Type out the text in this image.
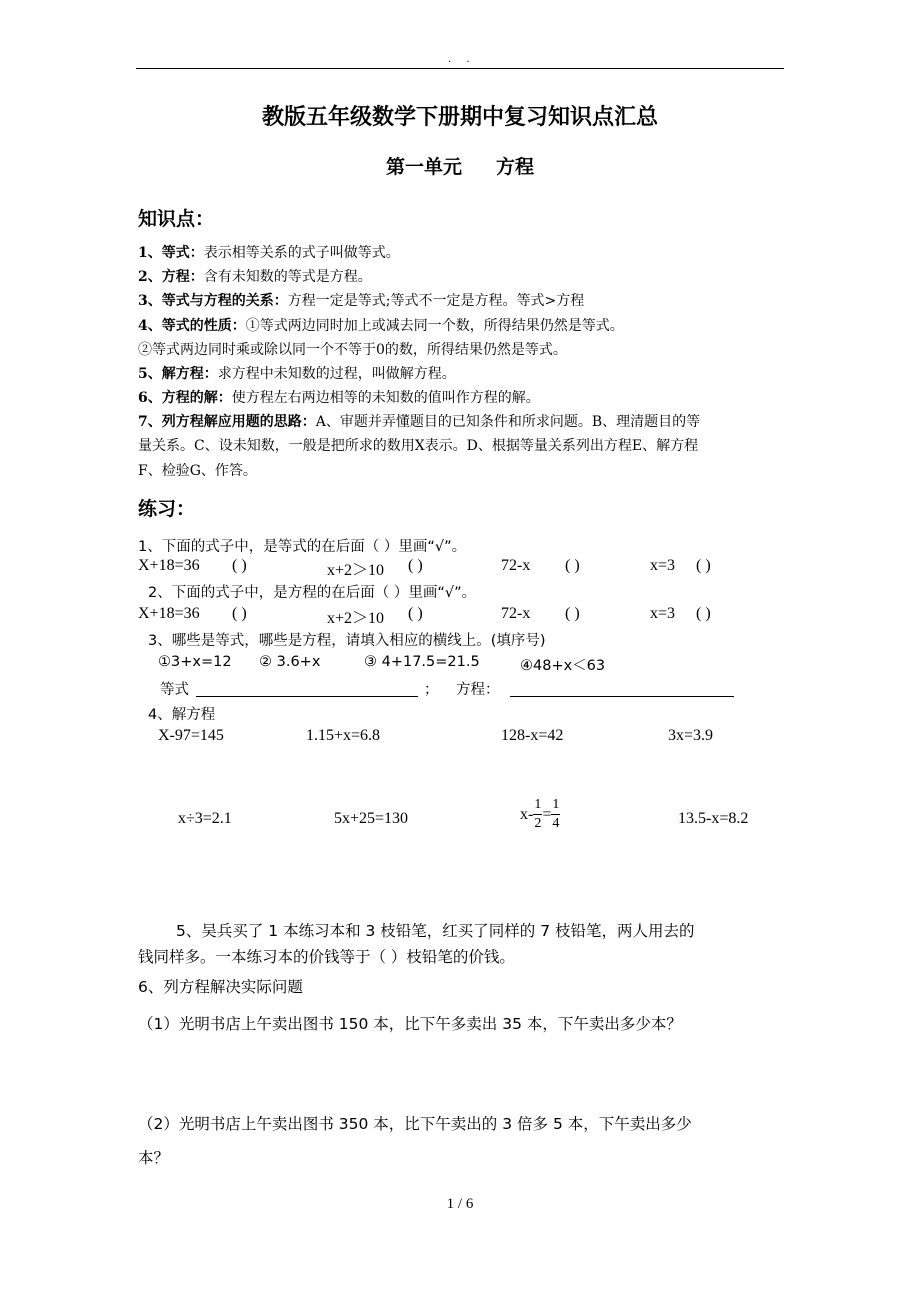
. .
教版五年级数学下册期中复习知识点汇总
第一单元 方程
知识点：
1、等式：表示相等关系的式子叫做等式。
2、方程：含有未知数的等式是方程。
3、等式与方程的关系：方程一定是等式;等式不一定是方程。等式>方程
4、等式的性质：①等式两边同时加上或减去同一个数，所得结果仍然是等式。
②等式两边同时乘或除以同一个不等于0的数，所得结果仍然是等式。
5、解方程：求方程中未知数的过程，叫做解方程。
6、方程的解：使方程左右两边相等的未知数的值叫作方程的解。
7、列方程解应用题的思路：A、审题并弄懂题目的已知条件和所求问题。B、理清题目的等
量关系。C、设未知数，一般是把所求的数用X表示。D、根据等量关系列出方程E、解方程
F、检验G、作答。
练习：
1、下面的式子中，是等式的在后面（ ）里画“√”。
X+18=36 ( )	x+2＞10 ( )	72-x ( )	x=3 ( )
2、下面的式子中，是方程的在后面（ ）里画“√”。
X+18=36 ( )	x+2＞10 ( )	72-x ( )	x=3 ( )
3、哪些是等式，哪些是方程，请填入相应的横线上。(填序号)
①3+x=12 ② 3.6+x	③ 4+17.5=21.5	④48+x＜63
等式	； 方程：
4、解方程
X-97=145	1.15+x=6.8	128-x=42	3x=3.9
x÷3=2.1	5x+25=130	$x- \frac{1}{2} = \frac{1}{4}$	13.5-x=8.2
5、吴兵买了 1 本练习本和 3 枝铅笔，红买了同样的 7 枝铅笔，两人用去的
钱同样多。一本练习本的价钱等于（ ）枝铅笔的价钱。
6、列方程解决实际问题
（1）光明书店上午卖出图书 150 本，比下午多卖出 35 本，下午卖出多少本？
（2）光明书店上午卖出图书 350 本，比下午卖出的 3 倍多 5 本，下午卖出多少
本？
1 / 6
